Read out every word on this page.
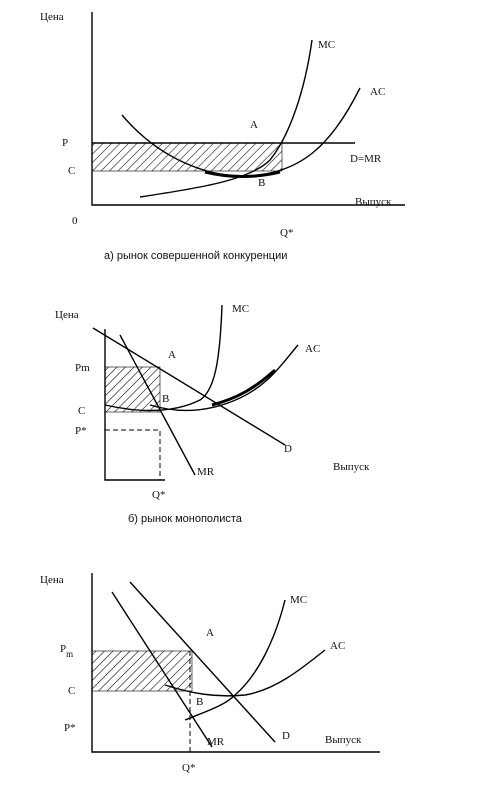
Цена
MC
AC
A
B
P
C
D=MR
Выпуск
Q*
0
а) рынок совершенной конкуренции
Цена	MC
AC
A
B
Pm
C
P*
D
MR	Выпуск
Q*
б) рынок монополиста
Цена
MC
AC
A
B
$P_m$
C
P*
D
MR	Выпуск
Q*
